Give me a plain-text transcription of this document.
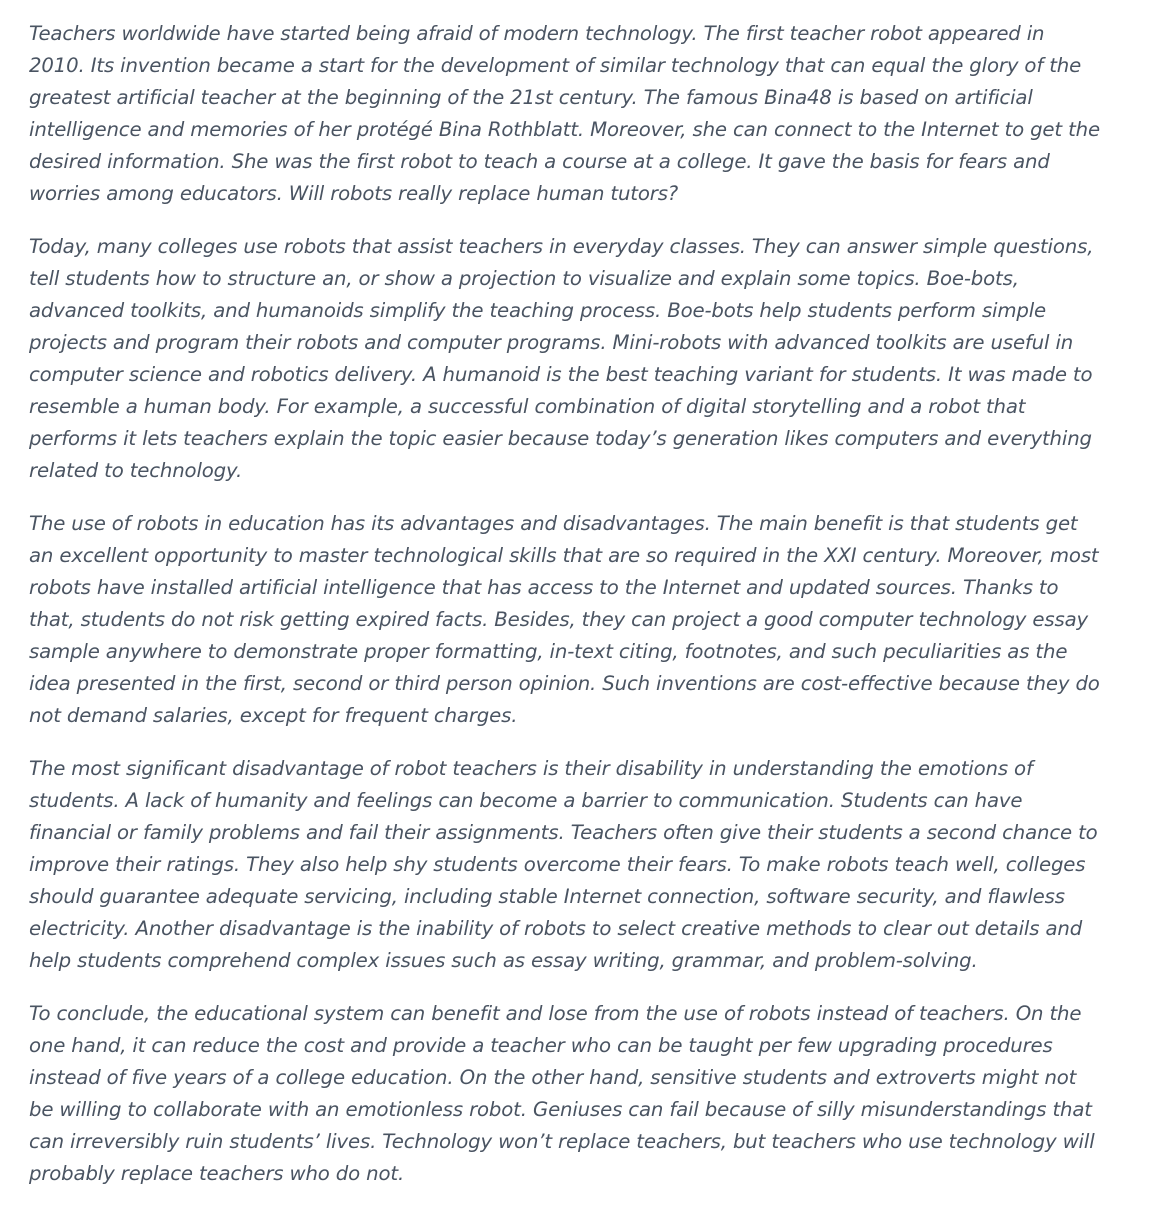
Teachers worldwide have started being afraid of modern technology. The first teacher robot appeared in 2010. Its invention became a start for the development of similar technology that can equal the glory of the greatest artificial teacher at the beginning of the 21st century. The famous Bina48 is based on artificial intelligence and memories of her protégé Bina Rothblatt. Moreover, she can connect to the Internet to get the desired information. She was the first robot to teach a course at a college. It gave the basis for fears and worries among educators. Will robots really replace human tutors?

Today, many colleges use robots that assist teachers in everyday classes. They can answer simple questions, tell students how to structure an, or show a projection to visualize and explain some topics. Boe-bots, advanced toolkits, and humanoids simplify the teaching process. Boe-bots help students perform simple projects and program their robots and computer programs. Mini-robots with advanced toolkits are useful in computer science and robotics delivery. A humanoid is the best teaching variant for students. It was made to resemble a human body. For example, a successful combination of digital storytelling and a robot that performs it lets teachers explain the topic easier because today’s generation likes computers and everything related to technology.

The use of robots in education has its advantages and disadvantages. The main benefit is that students get an excellent opportunity to master technological skills that are so required in the XXI century. Moreover, most robots have installed artificial intelligence that has access to the Internet and updated sources. Thanks to that, students do not risk getting expired facts. Besides, they can project a good computer technology essay sample anywhere to demonstrate proper formatting, in-text citing, footnotes, and such peculiarities as the idea presented in the first, second or third person opinion. Such inventions are cost-effective because they do not demand salaries, except for frequent charges.

The most significant disadvantage of robot teachers is their disability in understanding the emotions of students. A lack of humanity and feelings can become a barrier to communication. Students can have financial or family problems and fail their assignments. Teachers often give their students a second chance to improve their ratings. They also help shy students overcome their fears. To make robots teach well, colleges should guarantee adequate servicing, including stable Internet connection, software security, and flawless electricity. Another disadvantage is the inability of robots to select creative methods to clear out details and help students comprehend complex issues such as essay writing, grammar, and problem-solving.

To conclude, the educational system can benefit and lose from the use of robots instead of teachers. On the one hand, it can reduce the cost and provide a teacher who can be taught per few upgrading procedures instead of five years of a college education. On the other hand, sensitive students and extroverts might not be willing to collaborate with an emotionless robot. Geniuses can fail because of silly misunderstandings that can irreversibly ruin students’ lives. Technology won’t replace teachers, but teachers who use technology will probably replace teachers who do not.
